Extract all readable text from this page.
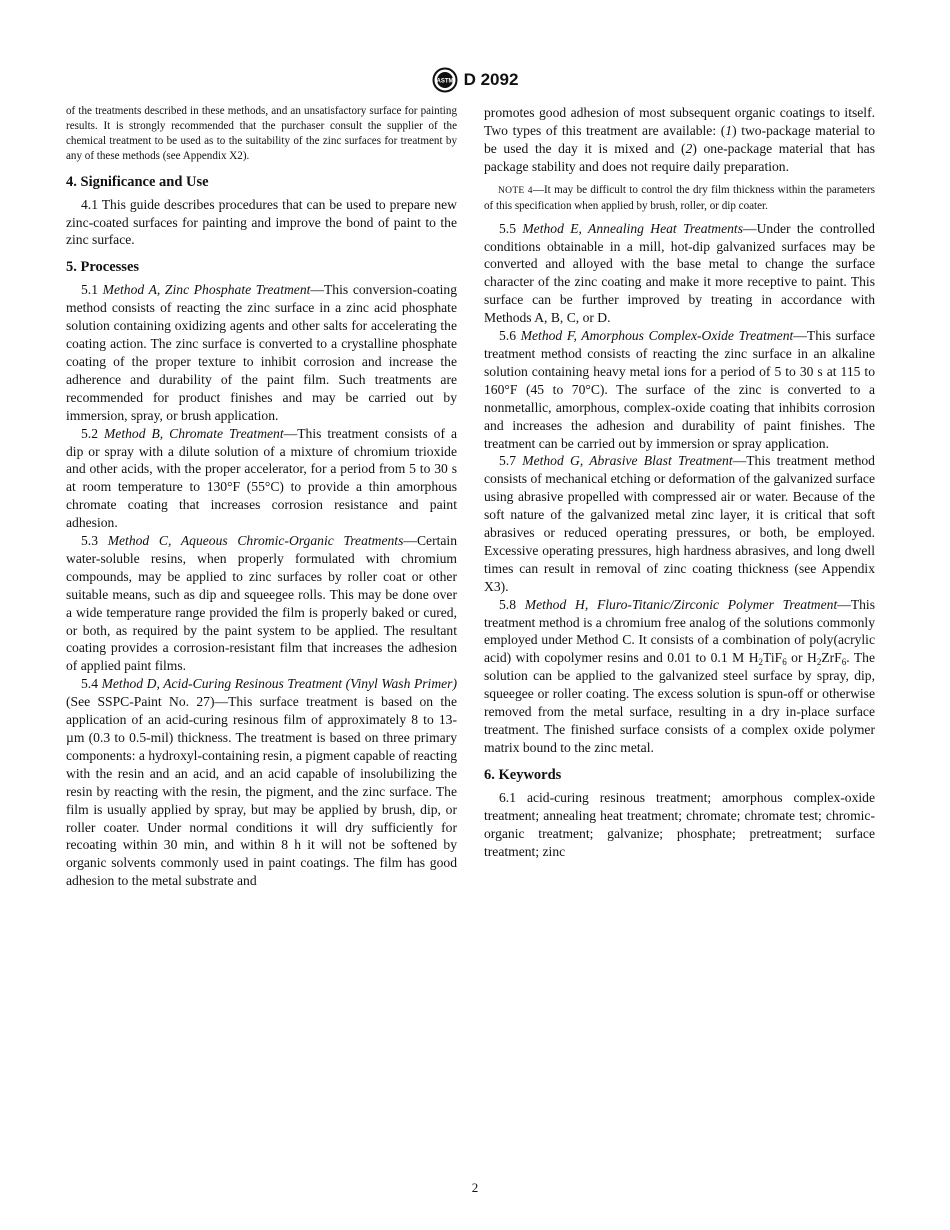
ASTM D 2092

of the treatments described in these methods, and an unsatisfactory surface for painting results. It is strongly recommended that the purchaser consult the supplier of the chemical treatment to be used as to the suitability of the zinc surfaces for treatment by any of these methods (see Appendix X2).

4. Significance and Use

4.1 This guide describes procedures that can be used to prepare new zinc-coated surfaces for painting and improve the bond of paint to the zinc surface.

5. Processes

5.1 Method A, Zinc Phosphate Treatment—This conversion-coating method consists of reacting the zinc surface in a zinc acid phosphate solution containing oxidizing agents and other salts for accelerating the coating action. The zinc surface is converted to a crystalline phosphate coating of the proper texture to inhibit corrosion and increase the adherence and durability of the paint film. Such treatments are recommended for product finishes and may be carried out by immersion, spray, or brush application.

5.2 Method B, Chromate Treatment—This treatment consists of a dip or spray with a dilute solution of a mixture of chromium trioxide and other acids, with the proper accelerator, for a period from 5 to 30 s at room temperature to 130°F (55°C) to provide a thin amorphous chromate coating that increases corrosion resistance and paint adhesion.

5.3 Method C, Aqueous Chromic-Organic Treatments—Certain water-soluble resins, when properly formulated with chromium compounds, may be applied to zinc surfaces by roller coat or other suitable means, such as dip and squeegee rolls. This may be done over a wide temperature range provided the film is properly baked or cured, or both, as required by the paint system to be applied. The resultant coating provides a corrosion-resistant film that increases the adhesion of applied paint films.

5.4 Method D, Acid-Curing Resinous Treatment (Vinyl Wash Primer) (See SSPC-Paint No. 27)—This surface treatment is based on the application of an acid-curing resinous film of approximately 8 to 13-µm (0.3 to 0.5-mil) thickness. The treatment is based on three primary components: a hydroxyl-containing resin, a pigment capable of reacting with the resin and an acid, and an acid capable of insolubilizing the resin by reacting with the resin, the pigment, and the zinc surface. The film is usually applied by spray, but may be applied by brush, dip, or roller coater. Under normal conditions it will dry sufficiently for recoating within 30 min, and within 8 h it will not be softened by organic solvents commonly used in paint coatings. The film has good adhesion to the metal substrate and

promotes good adhesion of most subsequent organic coatings to itself. Two types of this treatment are available: (1) two-package material to be used the day it is mixed and (2) one-package material that has package stability and does not require daily preparation.

NOTE 4—It may be difficult to control the dry film thickness within the parameters of this specification when applied by brush, roller, or dip coater.

5.5 Method E, Annealing Heat Treatments—Under the controlled conditions obtainable in a mill, hot-dip galvanized surfaces may be converted and alloyed with the base metal to change the surface character of the zinc coating and make it more receptive to paint. This surface can be further improved by treating in accordance with Methods A, B, C, or D.

5.6 Method F, Amorphous Complex-Oxide Treatment—This surface treatment method consists of reacting the zinc surface in an alkaline solution containing heavy metal ions for a period of 5 to 30 s at 115 to 160°F (45 to 70°C). The surface of the zinc is converted to a nonmetallic, amorphous, complex-oxide coating that inhibits corrosion and increases the adhesion and durability of paint finishes. The treatment can be carried out by immersion or spray application.

5.7 Method G, Abrasive Blast Treatment—This treatment method consists of mechanical etching or deformation of the galvanized surface using abrasive propelled with compressed air or water. Because of the soft nature of the galvanized metal zinc layer, it is critical that soft abrasives or reduced operating pressures, or both, be employed. Excessive operating pressures, high hardness abrasives, and long dwell times can result in removal of zinc coating thickness (see Appendix X3).

5.8 Method H, Fluro-Titanic/Zirconic Polymer Treatment—This treatment method is a chromium free analog of the solutions commonly employed under Method C. It consists of a combination of poly(acrylic acid) with copolymer resins and 0.01 to 0.1 M $H_2TiF_6$ or $H_2ZrF_6$. The solution can be applied to the galvanized steel surface by spray, dip, squeegee or roller coating. The excess solution is spun-off or otherwise removed from the metal surface, resulting in a dry in-place surface treatment. The finished surface consists of a complex oxide polymer matrix bound to the zinc metal.

6. Keywords

6.1 acid-curing resinous treatment; amorphous complex-oxide treatment; annealing heat treatment; chromate; chromate test; chromic-organic treatment; galvanize; phosphate; pretreatment; surface treatment; zinc

2
